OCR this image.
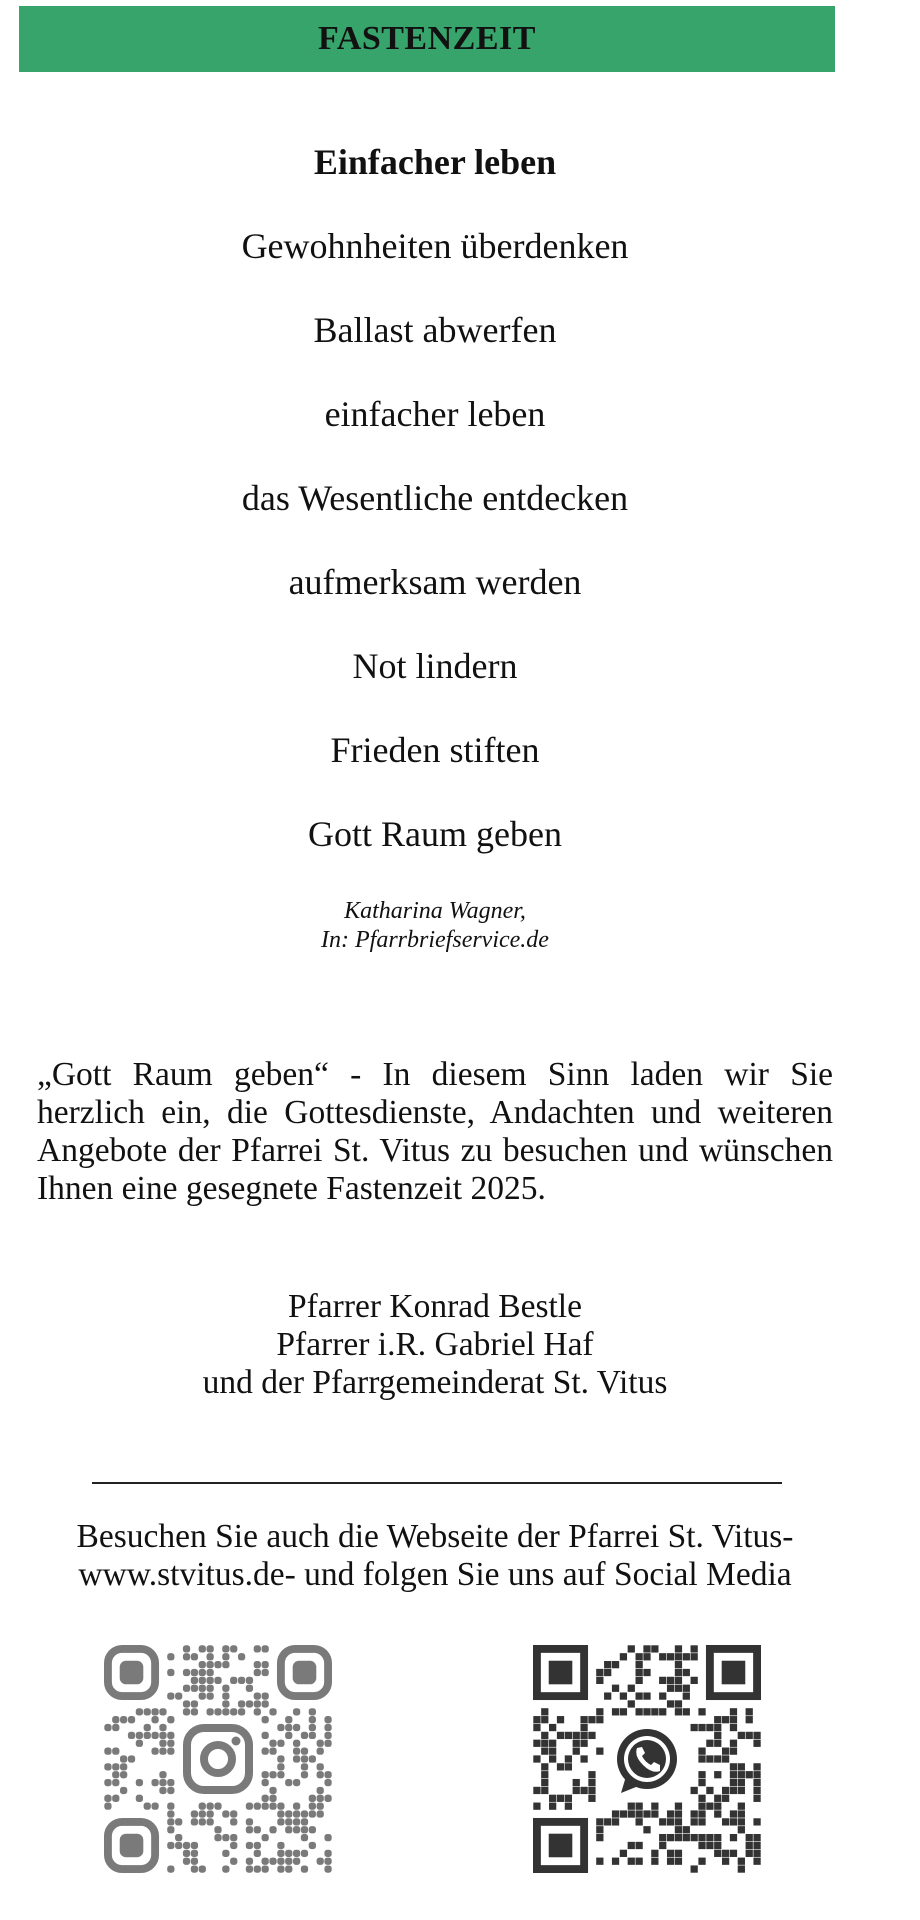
FASTENZEIT
Einfacher leben
Gewohnheiten überdenken
Ballast abwerfen
einfacher leben
das Wesentliche entdecken
aufmerksam werden
Not lindern
Frieden stiften
Gott Raum geben
Katharina Wagner,
In: Pfarrbriefservice.de
„Gott Raum geben“ - In diesem Sinn laden wir Sie herzlich ein, die Gottesdienste, Andachten und weiteren Angebote der Pfarrei St. Vitus zu besuchen und wünschen Ihnen eine gesegnete Fastenzeit 2025.
Pfarrer Konrad Bestle
Pfarrer i.R. Gabriel Haf
und der Pfarrgemeinderat St. Vitus
Besuchen Sie auch die Webseite der Pfarrei St. Vitus-
www.stvitus.de- und folgen Sie uns auf Social Media
